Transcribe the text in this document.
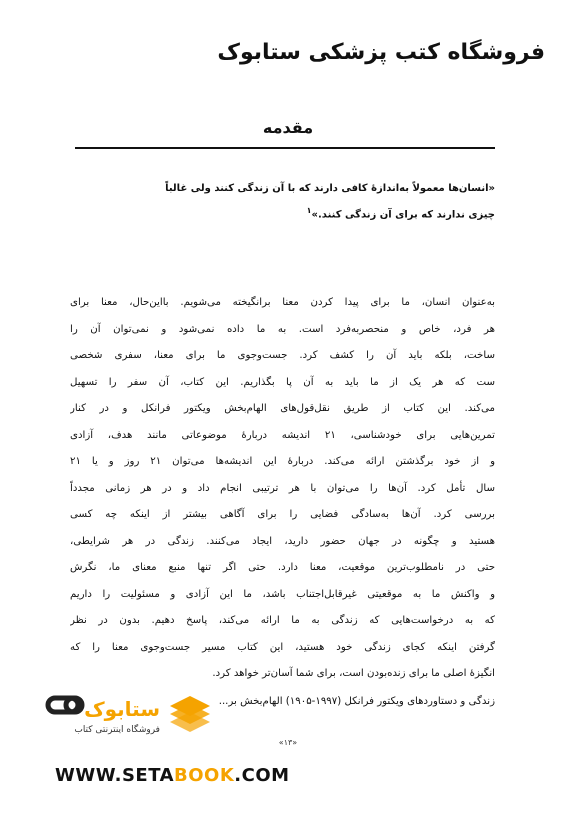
فروشگاه کتب پزشکی ستابوک
مقدمه
«انسان‌ها معمولاً به‌اندازهٔ کافی دارند که با آن زندگی کنند ولی غالباً
چیزی ندارند که برای آن زندگی کنند.»$^۱$
به‌عنوان انسان، ما برای پیدا کردن معنا برانگیخته می‌شویم. بااین‌حال، معنا برای
هر فرد، خاص و منحصربه‌فرد است. به ما داده نمی‌شود و نمی‌توان آن را
ساخت، بلکه باید آن را کشف کرد. جست‌وجوی ما برای معنا، سفری شخصی
ست که هر یک از ما باید به آن پا بگذاریم. این کتاب، آن سفر را تسهیل
می‌کند. این کتاب از طریق نقل‌قول‌های الهام‌بخش ویکتور فرانکل و در کنار
تمرین‌هایی برای خودشناسی، ۲۱ اندیشه دربارهٔ موضوعاتی مانند هدف، آزادی
و از خود برگذشتن ارائه می‌کند. دربارهٔ این اندیشه‌ها می‌توان ۲۱ روز و یا ۲۱
سال تأمل کرد. آن‌ها را می‌توان با هر ترتیبی انجام داد و در هر زمانی مجدداً
بررسی کرد. آن‌ها به‌سادگی فضایی را برای آگاهی بیشتر از اینکه چه کسی
هستید و چگونه در جهان حضور دارید، ایجاد می‌کنند. زندگی در هر شرایطی،
حتی در نامطلوب‌ترین موقعیت، معنا دارد. حتی اگر تنها منبع معنای ما، نگرش
و واکنش ما به موقعیتی غیرقابل‌اجتناب باشد، ما این آزادی و مسئولیت را داریم
که به درخواست‌هایی که زندگی به ما ارائه می‌کند، پاسخ دهیم. بدون در نظر
گرفتن اینکه کجای زندگی خود هستید، این کتاب مسیر جست‌وجوی معنا را که
انگیزهٔ اصلی ما برای زنده‌بودن است، برای شما آسان‌تر خواهد کرد.
زندگی و دستاوردهای ویکتور فرانکل (۱۹۹۷-۱۹۰۵) الهام‌بخش بر...
«۱۳»
ستابوک
فروشگاه اینترنتی کتاب
WWW.SETABOOK.COM
